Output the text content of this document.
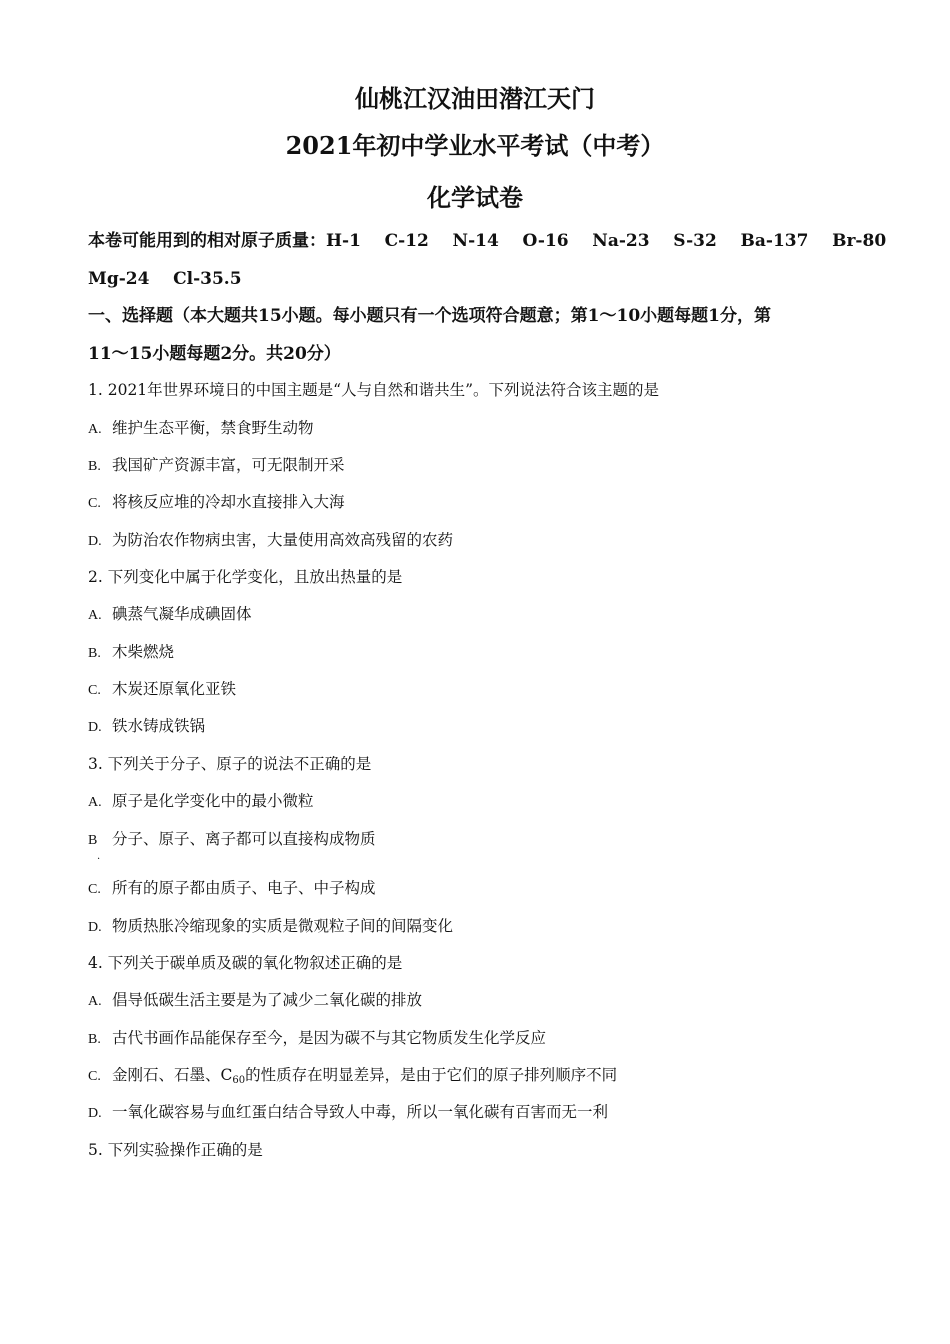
仙桃江汉油田潜江天门
2021年初中学业水平考试（中考）
化学试卷
本卷可能用到的相对原子质量：H-1    C-12    N-14    O-16    Na-23    S-32    Ba-137    Br-80
Mg-24    Cl-35.5
一、选择题（本大题共15小题。每小题只有一个选项符合题意；第1～10小题每题1分，第
11～15小题每题2分。共20分）
1. 2021年世界环境日的中国主题是“人与自然和谐共生”。下列说法符合该主题的是
A. 维护生态平衡，禁食野生动物
B. 我国矿产资源丰富，可无限制开采
C. 将核反应堆的冷却水直接排入大海
D. 为防治农作物病虫害，大量使用高效高残留的农药
2. 下列变化中属于化学变化，且放出热量的是
A. 碘蒸气凝华成碘固体
B. 木柴燃烧
C. 木炭还原氧化亚铁
D. 铁水铸成铁锅
3. 下列关于分子、原子的说法不正确的是
A. 原子是化学变化中的最小微粒
B 分子、原子、离子都可以直接构成物质
.
C. 所有的原子都由质子、电子、中子构成
D. 物质热胀冷缩现象的实质是微观粒子间的间隔变化
4. 下列关于碳单质及碳的氧化物叙述正确的是
A. 倡导低碳生活主要是为了减少二氧化碳的排放
B. 古代书画作品能保存至今，是因为碳不与其它物质发生化学反应
C. 金刚石、石墨、$C_{60}$的性质存在明显差异，是由于它们的原子排列顺序不同
D. 一氧化碳容易与血红蛋白结合导致人中毒，所以一氧化碳有百害而无一利
5. 下列实验操作正确的是
